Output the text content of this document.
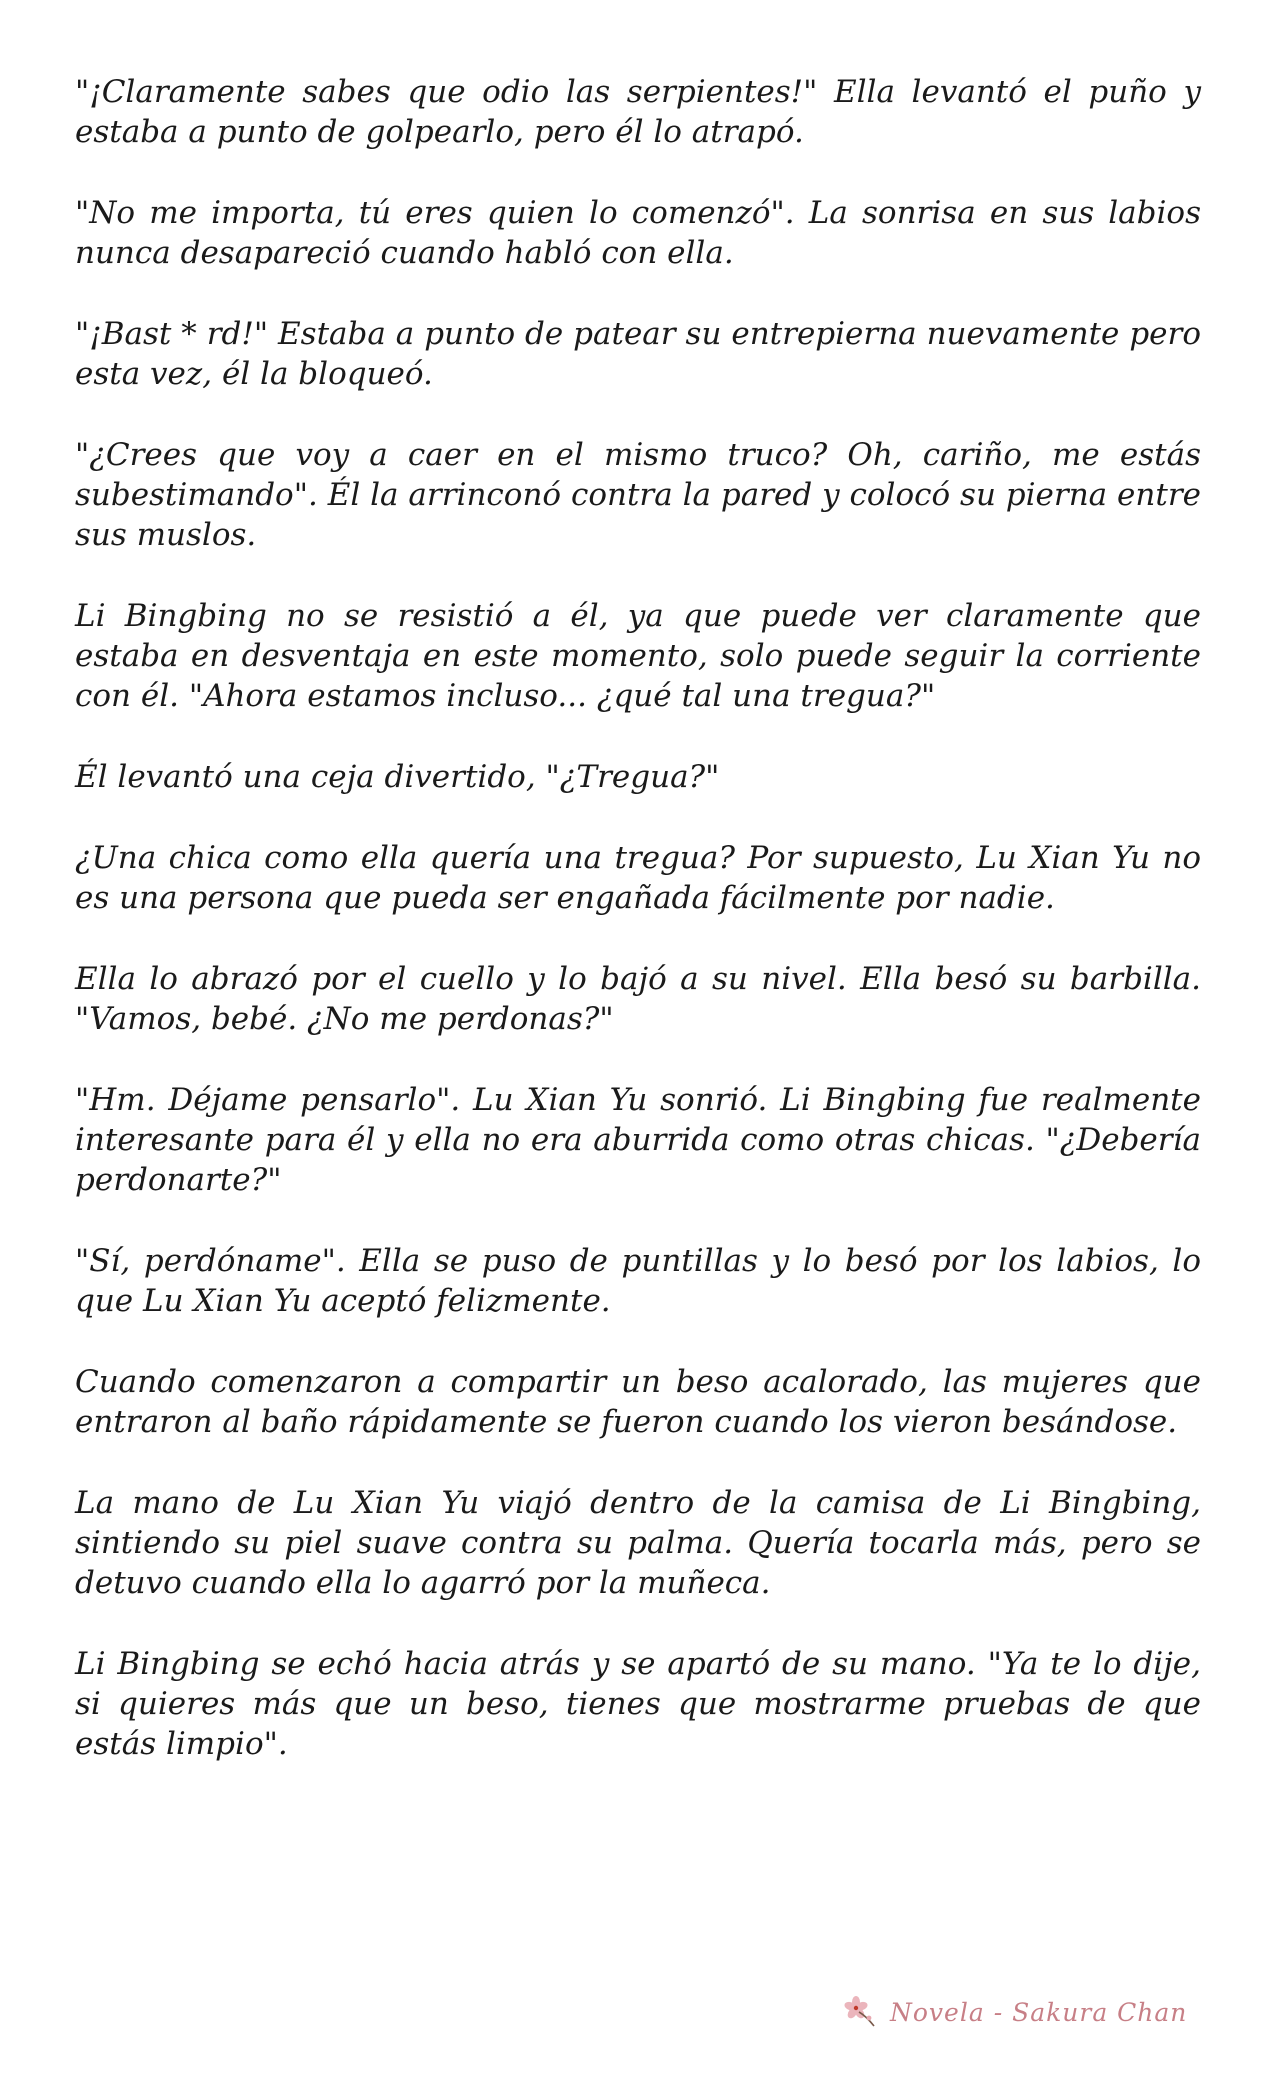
"¡Claramente sabes que odio las serpientes!" Ella levantó el puño y estaba a punto de golpearlo, pero él lo atrapó.

"No me importa, tú eres quien lo comenzó". La sonrisa en sus labios nunca desapareció cuando habló con ella.

"¡Bast * rd!" Estaba a punto de patear su entrepierna nuevamente pero esta vez, él la bloqueó.

"¿Crees que voy a caer en el mismo truco? Oh, cariño, me estás subestimando". Él la arrinconó contra la pared y colocó su pierna entre sus muslos.

Li Bingbing no se resistió a él, ya que puede ver claramente que estaba en desventaja en este momento, solo puede seguir la corriente con él. "Ahora estamos incluso... ¿qué tal una tregua?"

Él levantó una ceja divertido, "¿Tregua?"

¿Una chica como ella quería una tregua? Por supuesto, Lu Xian Yu no es una persona que pueda ser engañada fácilmente por nadie.

Ella lo abrazó por el cuello y lo bajó a su nivel. Ella besó su barbilla. "Vamos, bebé. ¿No me perdonas?"

"Hm. Déjame pensarlo". Lu Xian Yu sonrió. Li Bingbing fue realmente interesante para él y ella no era aburrida como otras chicas. "¿Debería perdonarte?"

"Sí, perdóname". Ella se puso de puntillas y lo besó por los labios, lo que Lu Xian Yu aceptó felizmente.

Cuando comenzaron a compartir un beso acalorado, las mujeres que entraron al baño rápidamente se fueron cuando los vieron besándose.

La mano de Lu Xian Yu viajó dentro de la camisa de Li Bingbing, sintiendo su piel suave contra su palma. Quería tocarla más, pero se detuvo cuando ella lo agarró por la muñeca.

Li Bingbing se echó hacia atrás y se apartó de su mano. "Ya te lo dije, si quieres más que un beso, tienes que mostrarme pruebas de que estás limpio".

Novela - Sakura Chan
